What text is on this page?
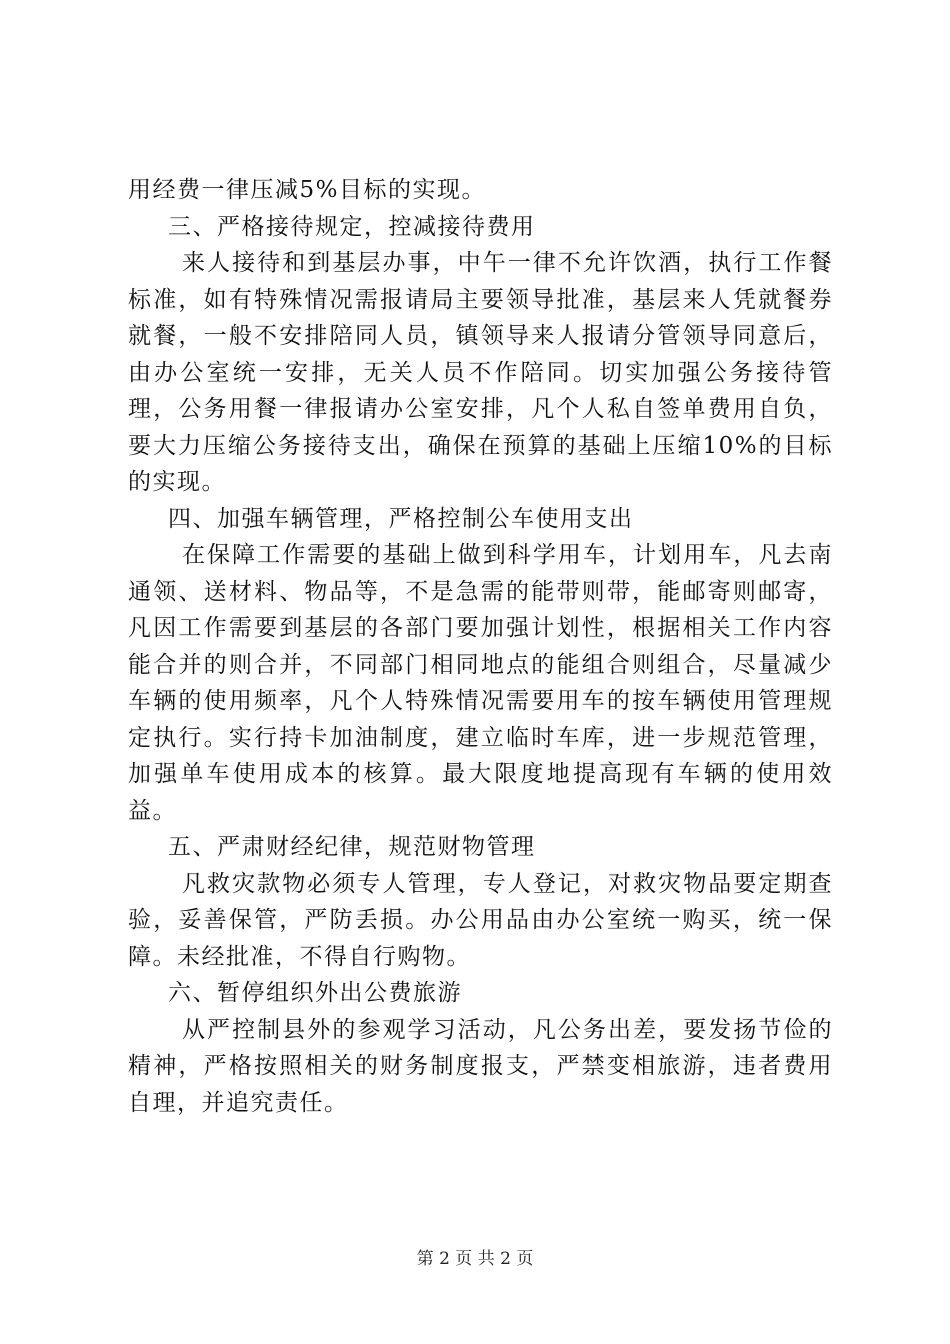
用经费一律压减5%目标的实现。

三、严格接待规定，控减接待费用

来人接待和到基层办事，中午一律不允许饮酒，执行工作餐标准，如有特殊情况需报请局主要领导批准，基层来人凭就餐券就餐，一般不安排陪同人员，镇领导来人报请分管领导同意后，由办公室统一安排，无关人员不作陪同。切实加强公务接待管理，公务用餐一律报请办公室安排，凡个人私自签单费用自负，要大力压缩公务接待支出，确保在预算的基础上压缩10%的目标的实现。

四、加强车辆管理，严格控制公车使用支出

在保障工作需要的基础上做到科学用车，计划用车，凡去南通领、送材料、物品等，不是急需的能带则带，能邮寄则邮寄，凡因工作需要到基层的各部门要加强计划性，根据相关工作内容能合并的则合并，不同部门相同地点的能组合则组合，尽量减少车辆的使用频率，凡个人特殊情况需要用车的按车辆使用管理规定执行。实行持卡加油制度，建立临时车库，进一步规范管理，加强单车使用成本的核算。最大限度地提高现有车辆的使用效益。

五、严肃财经纪律，规范财物管理

凡救灾款物必须专人管理，专人登记，对救灾物品要定期查验，妥善保管，严防丢损。办公用品由办公室统一购买，统一保障。未经批准，不得自行购物。

六、暂停组织外出公费旅游

从严控制县外的参观学习活动，凡公务出差，要发扬节俭的精神，严格按照相关的财务制度报支，严禁变相旅游，违者费用自理，并追究责任。

第 2 页 共 2 页
